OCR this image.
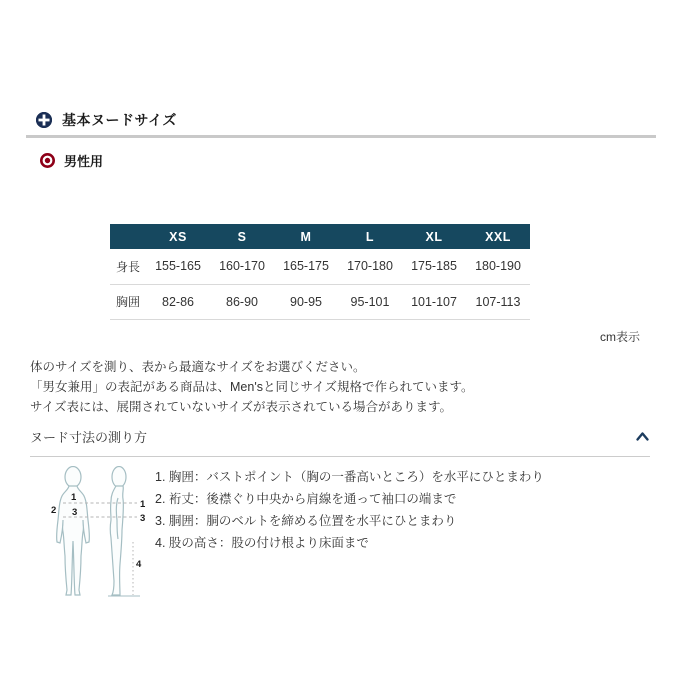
基本ヌードサイズ
男性用
	XS	S	M	L	XL	XXL
身長	155-165	160-170	165-175	170-180	175-185	180-190
胸囲	82-86	86-90	90-95	95-101	101-107	107-113
cm表示
体のサイズを測り、表から最適なサイズをお選びください。
「男女兼用」の表記がある商品は、Men'sと同じサイズ規格で作られています。
サイズ表には、展開されていないサイズが表示されている場合があります。
ヌード寸法の測り方
1
2 3
1
3
4
1. 胸囲：バストポイント（胸の一番高いところ）を水平にひとまわり
2. 裄丈：後襟ぐり中央から肩線を通って袖口の端まで
3. 胴囲：胴のベルトを締める位置を水平にひとまわり
4. 股の高さ：股の付け根より床面まで
